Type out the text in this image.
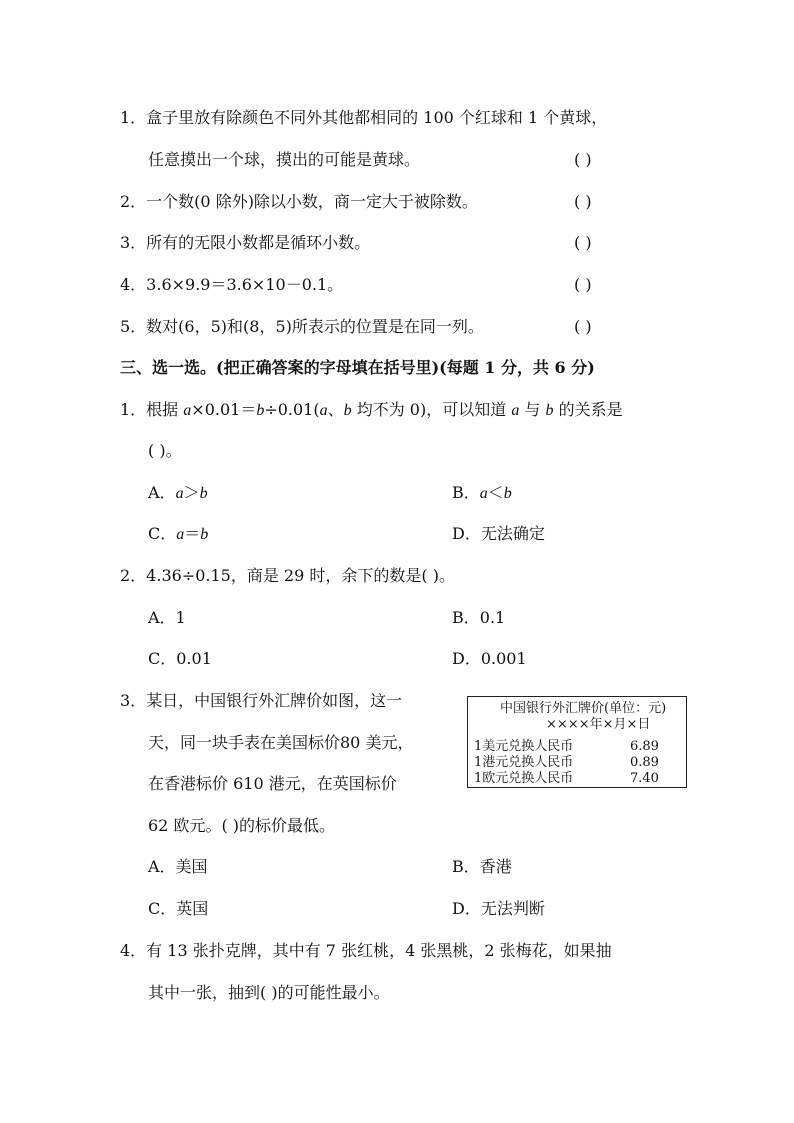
1．盒子里放有除颜色不同外其他都相同的 100 个红球和 1 个黄球，
任意摸出一个球，摸出的可能是黄球。	( )
2．一个数(0 除外)除以小数，商一定大于被除数。	( )
3．所有的无限小数都是循环小数。	( )
4．3.6×9.9＝3.6×10－0.1。	( )
5．数对(6，5)和(8，5)所表示的位置是在同一列。	( )
三、选一选。(把正确答案的字母填在括号里)(每题 1 分，共 6 分)
1．根据 a×0.01＝b÷0.01(a、b 均不为 0)，可以知道 a 与 b 的关系是
( )。
A．a＞b	B．a＜b
C．a＝b	D．无法确定
2．4.36÷0.15，商是 29 时，余下的数是( )。
A．1	B．0.1
C．0.01	D．0.001
3．某日，中国银行外汇牌价如图，这一
天，同一块手表在美国标价80 美元，
在香港标价 610 港元，在英国标价
62 欧元。( )的标价最低。
中国银行外汇牌价(单位：元)
××××年×月×日
1美元兑换人民币	6.89
1港元兑换人民币	0.89
1欧元兑换人民币	7.40
A．美国	B．香港
C．英国	D．无法判断
4．有 13 张扑克牌，其中有 7 张红桃，4 张黑桃，2 张梅花，如果抽
其中一张，抽到( )的可能性最小。
